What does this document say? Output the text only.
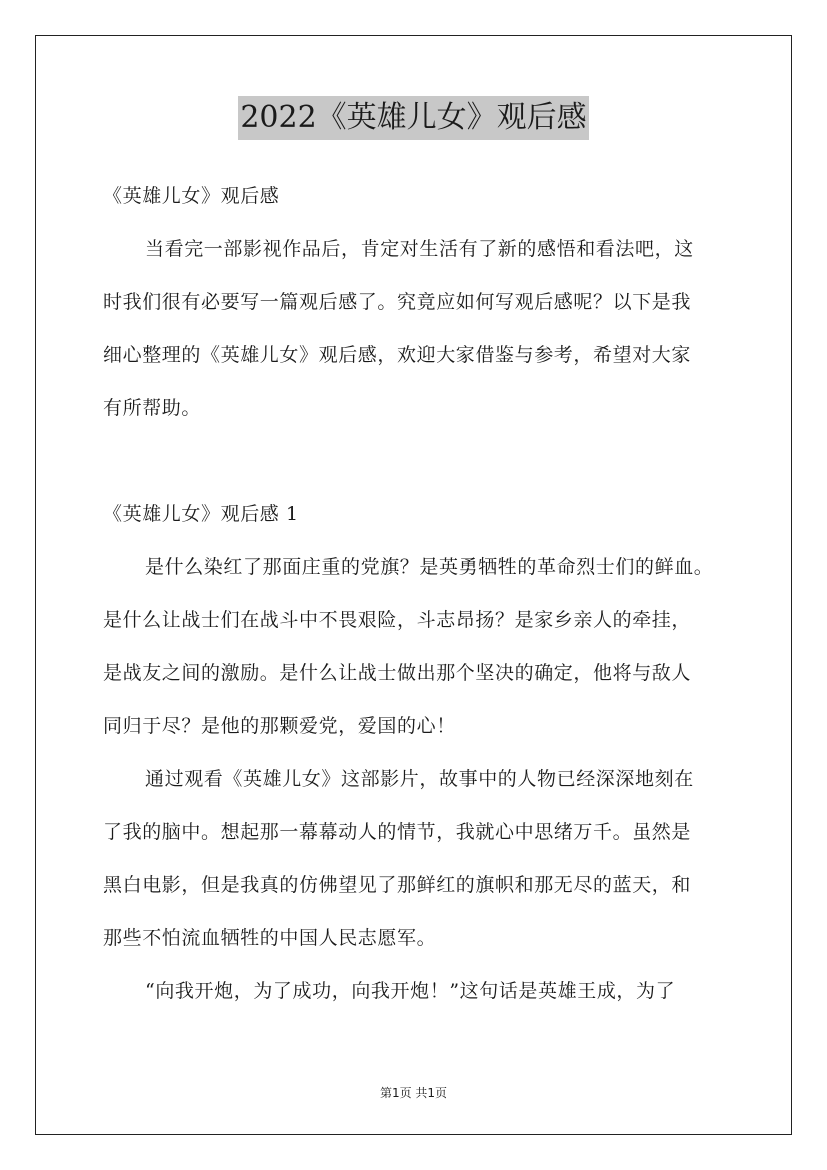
2022《英雄儿女》观后感
《英雄儿女》观后感
当看完一部影视作品后，肯定对生活有了新的感悟和看法吧，这
时我们很有必要写一篇观后感了。究竟应如何写观后感呢？以下是我
细心整理的《英雄儿女》观后感，欢迎大家借鉴与参考，希望对大家
有所帮助。
《英雄儿女》观后感 1
是什么染红了那面庄重的党旗？是英勇牺牲的革命烈士们的鲜血。
是什么让战士们在战斗中不畏艰险，斗志昂扬？是家乡亲人的牵挂，
是战友之间的激励。是什么让战士做出那个坚决的确定，他将与敌人
同归于尽？是他的那颗爱党，爱国的心！
通过观看《英雄儿女》这部影片，故事中的人物已经深深地刻在
了我的脑中。想起那一幕幕动人的情节，我就心中思绪万千。虽然是
黑白电影，但是我真的仿佛望见了那鲜红的旗帜和那无尽的蓝天，和
那些不怕流血牺牲的中国人民志愿军。
“向我开炮，为了成功，向我开炮！”这句话是英雄王成，为了
第1页 共1页
